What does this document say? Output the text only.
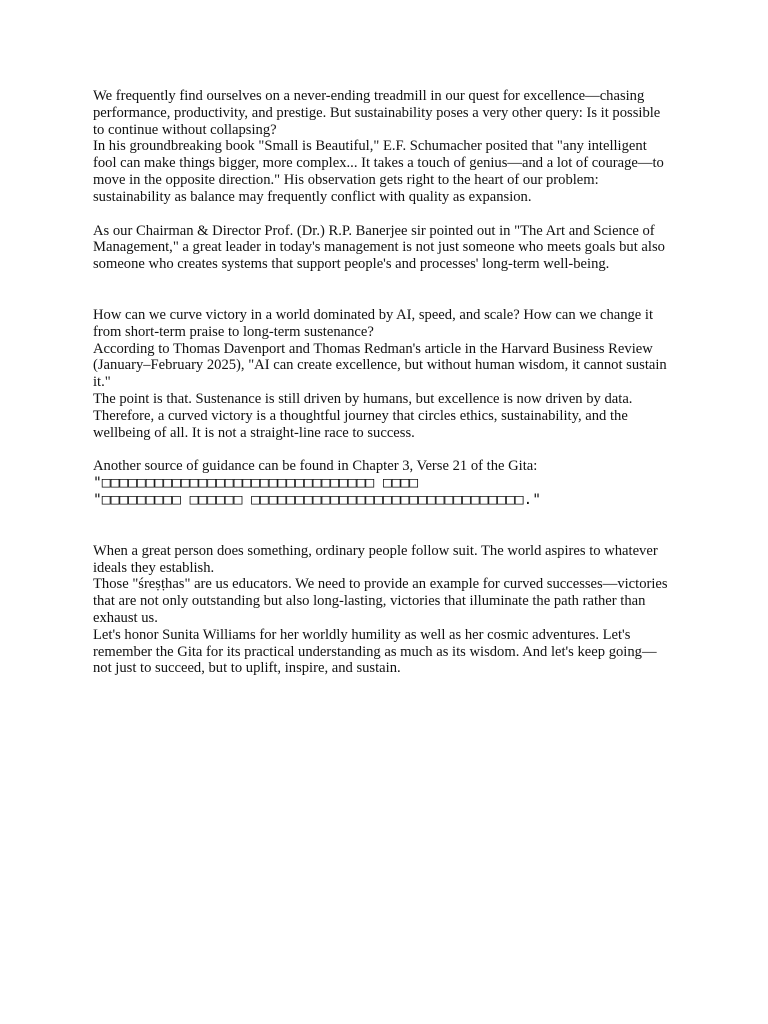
We frequently find ourselves on a never-ending treadmill in our quest for excellence—chasing performance, productivity, and prestige. But sustainability poses a very other query: Is it possible to continue without collapsing?

In his groundbreaking book "Small is Beautiful," E.F. Schumacher posited that "any intelligent fool can make things bigger, more complex... It takes a touch of genius—and a lot of courage—to move in the opposite direction." His observation gets right to the heart of our problem: sustainability as balance may frequently conflict with quality as expansion.

As our Chairman & Director Prof. (Dr.) R.P. Banerjee sir pointed out in "The Art and Science of Management," a great leader in today's management is not just someone who meets goals but also someone who creates systems that support people's and processes' long-term well-being.

How can we curve victory in a world dominated by AI, speed, and scale? How can we change it from short-term praise to long-term sustenance?

According to Thomas Davenport and Thomas Redman's article in the Harvard Business Review (January–February 2025), "AI can create excellence, but without human wisdom, it cannot sustain it."

The point is that. Sustenance is still driven by humans, but excellence is now driven by data. Therefore, a curved victory is a thoughtful journey that circles ethics, sustainability, and the wellbeing of all. It is not a straight-line race to success.

Another source of guidance can be found in Chapter 3, Verse 21 of the Gita:

"□□□□□□□□□□□□□□□□□□□□□□□□□□□□□□□ □□□□

"□□□□□□□□□ □□□□□□ □□□□□□□□□□□□□□□□□□□□□□□□□□□□□□□."

When a great person does something, ordinary people follow suit. The world aspires to whatever ideals they establish.

Those "śreṣṭhas" are us educators. We need to provide an example for curved successes—victories that are not only outstanding but also long-lasting, victories that illuminate the path rather than exhaust us.

Let's honor Sunita Williams for her worldly humility as well as her cosmic adventures. Let's remember the Gita for its practical understanding as much as its wisdom. And let's keep going—not just to succeed, but to uplift, inspire, and sustain.
